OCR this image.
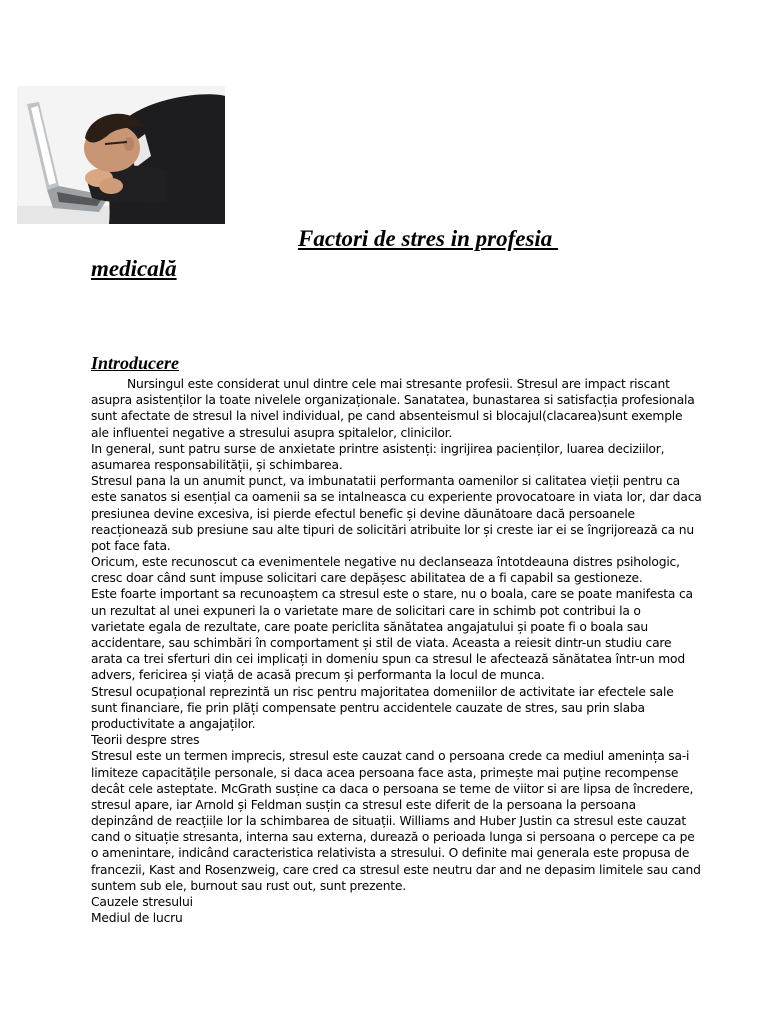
Factori de stres in profesia
medicală
Introducere
Nursingul este considerat unul dintre cele mai stresante profesii. Stresul are impact riscant
asupra asistenților la toate nivelele organizaționale. Sanatatea, bunastarea si satisfacția profesionala
sunt afectate de stresul la nivel individual, pe cand absenteismul si blocajul(clacarea)sunt exemple
ale influentei negative a stresului asupra spitalelor, clinicilor.
In general, sunt patru surse de anxietate printre asistenți: ingrijirea pacienților, luarea deciziilor,
asumarea responsabilității, și schimbarea.
Stresul pana la un anumit punct, va imbunatatii performanta oamenilor si calitatea vieții pentru ca
este sanatos si esențial ca oamenii sa se intalneasca cu experiente provocatoare in viata lor, dar daca
presiunea devine excesiva, isi pierde efectul benefic și devine dăunătoare dacă persoanele
reacționează sub presiune sau alte tipuri de solicitări atribuite lor și creste iar ei se îngrijorează ca nu
pot face fata.
Oricum, este recunoscut ca evenimentele negative nu declanseaza întotdeauna distres psihologic,
cresc doar când sunt impuse solicitari care depășesc abilitatea de a fi capabil sa gestioneze.
Este foarte important sa recunoaștem ca stresul este o stare, nu o boala, care se poate manifesta ca
un rezultat al unei expuneri la o varietate mare de solicitari care in schimb pot contribui la o
varietate egala de rezultate, care poate periclita sănătatea angajatului și poate fi o boala sau
accidentare, sau schimbări în comportament și stil de viata. Aceasta a reiesit dintr-un studiu care
arata ca trei sferturi din cei implicați in domeniu spun ca stresul le afectează sănătatea într-un mod
advers, fericirea și viață de acasă precum și performanta la locul de munca.
Stresul ocupațional reprezintă un risc pentru majoritatea domeniilor de activitate iar efectele sale
sunt financiare, fie prin plăți compensate pentru accidentele cauzate de stres, sau prin slaba
productivitate a angajaților.
Teorii despre stres
Stresul este un termen imprecis, stresul este cauzat cand o persoana crede ca mediul amenința sa-i
limiteze capacitățile personale, si daca acea persoana face asta, primește mai puține recompense
decât cele asteptate. McGrath susține ca daca o persoana se teme de viitor si are lipsa de încredere,
stresul apare, iar Arnold și Feldman susțin ca stresul este diferit de la persoana la persoana
depinzând de reacțiile lor la schimbarea de situații. Williams and Huber Justin ca stresul este cauzat
cand o situație stresanta, interna sau externa, durează o perioada lunga si persoana o percepe ca pe
o amenintare, indicând caracteristica relativista a stresului. O definite mai generala este propusa de
francezii, Kast and Rosenzweig, care cred ca stresul este neutru dar and ne depasim limitele sau cand
suntem sub ele, burnout sau rust out, sunt prezente.
Cauzele stresului
Mediul de lucru
